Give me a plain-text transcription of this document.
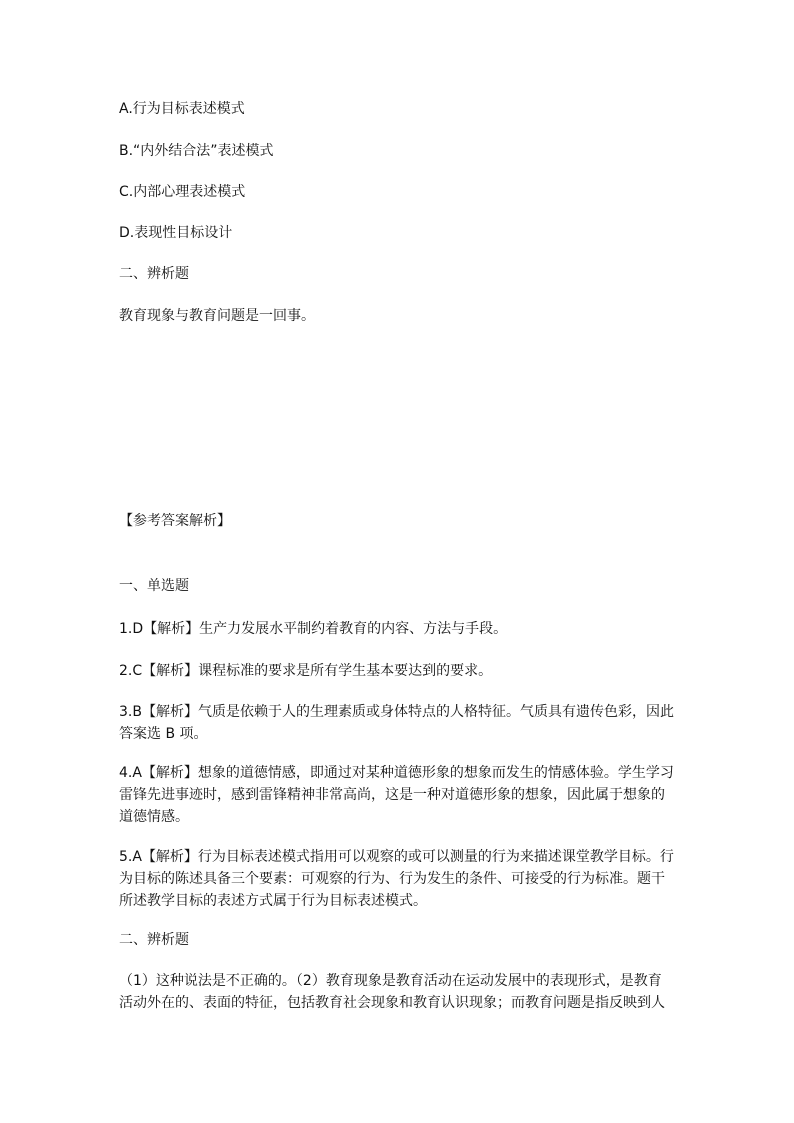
A.行为目标表述模式
B.“内外结合法”表述模式
C.内部心理表述模式
D.表现性目标设计
二、辨析题
教育现象与教育问题是一回事。
【参考答案解析】
一、单选题
1.D【解析】生产力发展水平制约着教育的内容、方法与手段。
2.C【解析】课程标准的要求是所有学生基本要达到的要求。
3.B【解析】气质是依赖于人的生理素质或身体特点的人格特征。气质具有遗传色彩，因此答案选 B 项。
4.A【解析】想象的道德情感，即通过对某种道德形象的想象而发生的情感体验。学生学习雷锋先进事迹时，感到雷锋精神非常高尚，这是一种对道德形象的想象，因此属于想象的道德情感。
5.A【解析】行为目标表述模式指用可以观察的或可以测量的行为来描述课堂教学目标。行为目标的陈述具备三个要素：可观察的行为、行为发生的条件、可接受的行为标准。题干所述教学目标的表述方式属于行为目标表述模式。
二、辨析题
（1）这种说法是不正确的。（2）教育现象是教育活动在运动发展中的表现形式，是教育活动外在的、表面的特征，包括教育社会现象和教育认识现象；而教育问题是指反映到人
